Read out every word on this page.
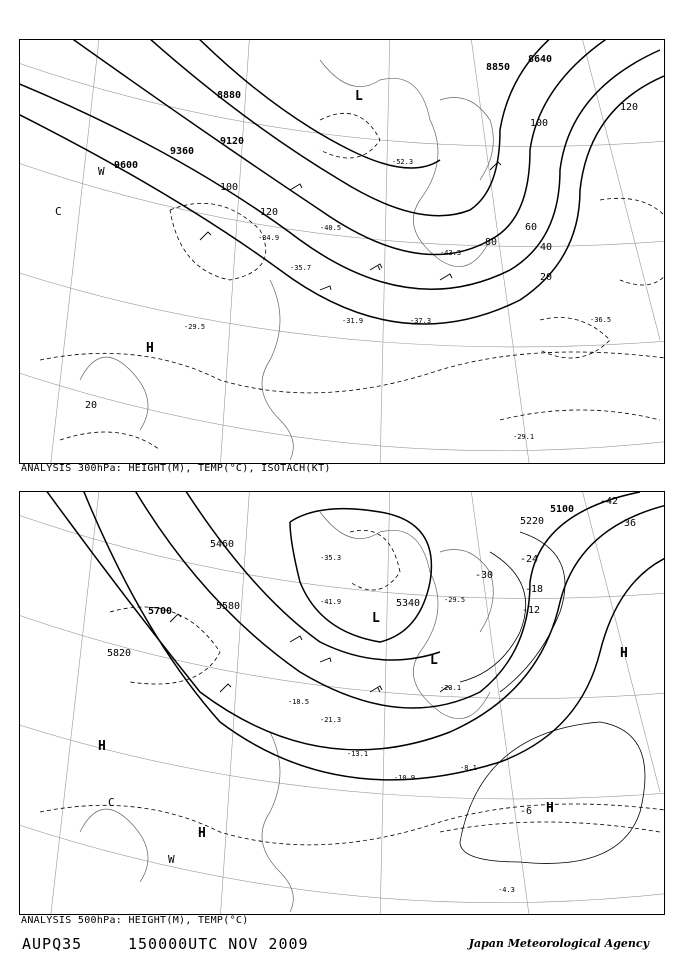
9600
9360
9120
8880
8850
8640
120
100
40
20
60
80
120
100
20
L
H
C
W
-29.1
-37.3
-31.9
-29.5
-36.5
-52.3
-40.5
-43.3
-35.7
-34.9
ANALYSIS 300hPa: HEIGHT(M), TEMP(°C), ISOTACH(KT)
5700
5820
5580
5460
5340
5220
5100
-42
-36
-30
-24
-18
-12
-6
L
L	H
H
H
H
C
W
-4.3
-8.1
-10.9
-13.1
-21.3
-29.5
-35.3
-41.9
-23.1
-18.5
ANALYSIS 500hPa: HEIGHT(M), TEMP(°C)
AUPQ35	150000UTC NOV 2009	Japan Meteorological Agency
